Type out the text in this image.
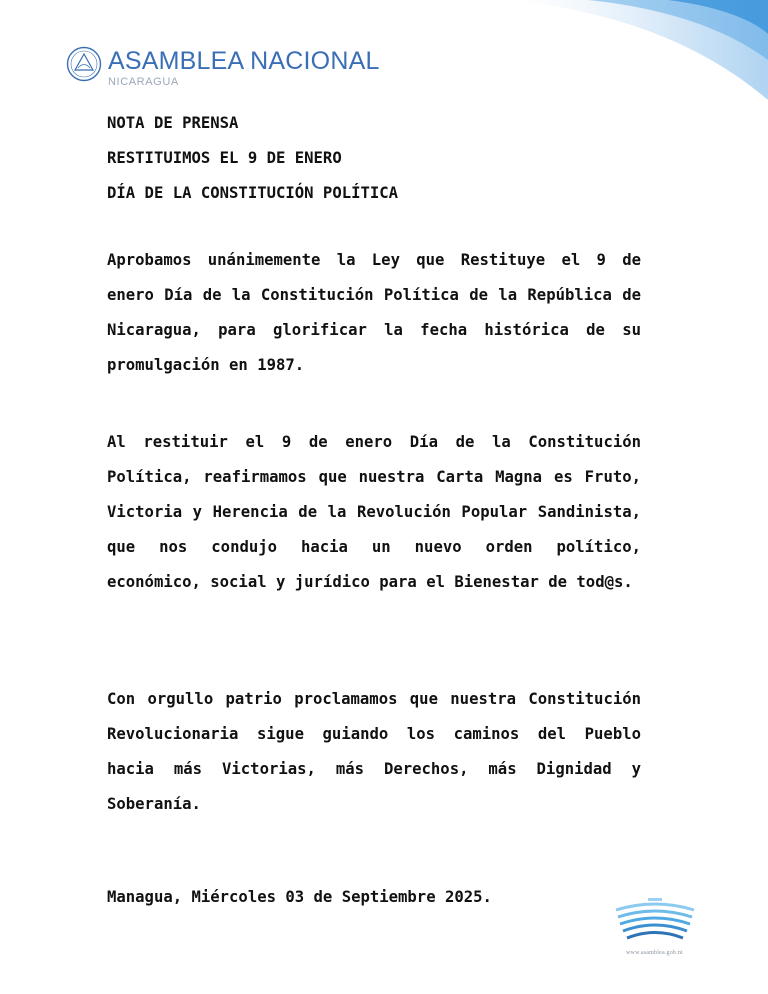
ASAMBLEA NACIONAL
NICARAGUA

NOTA DE PRENSA

RESTITUIMOS EL 9 DE ENERO

DÍA DE LA CONSTITUCIÓN POLÍTICA

Aprobamos unánimemente la Ley que Restituye el 9 de enero Día de la Constitución Política de la República de Nicaragua, para glorificar la fecha histórica de su promulgación en 1987.

Al restituir el 9 de enero Día de la Constitución Política, reafirmamos que nuestra Carta Magna es Fruto, Victoria y Herencia de la Revolución Popular Sandinista, que nos condujo hacia un nuevo orden político, económico, social y jurídico para el Bienestar de tod@s.

Con orgullo patrio proclamamos que nuestra Constitución Revolucionaria sigue guiando los caminos del Pueblo hacia más Victorias, más Derechos, más Dignidad y Soberanía.

Managua, Miércoles 03 de Septiembre 2025.

www.asamblea.gob.ni
